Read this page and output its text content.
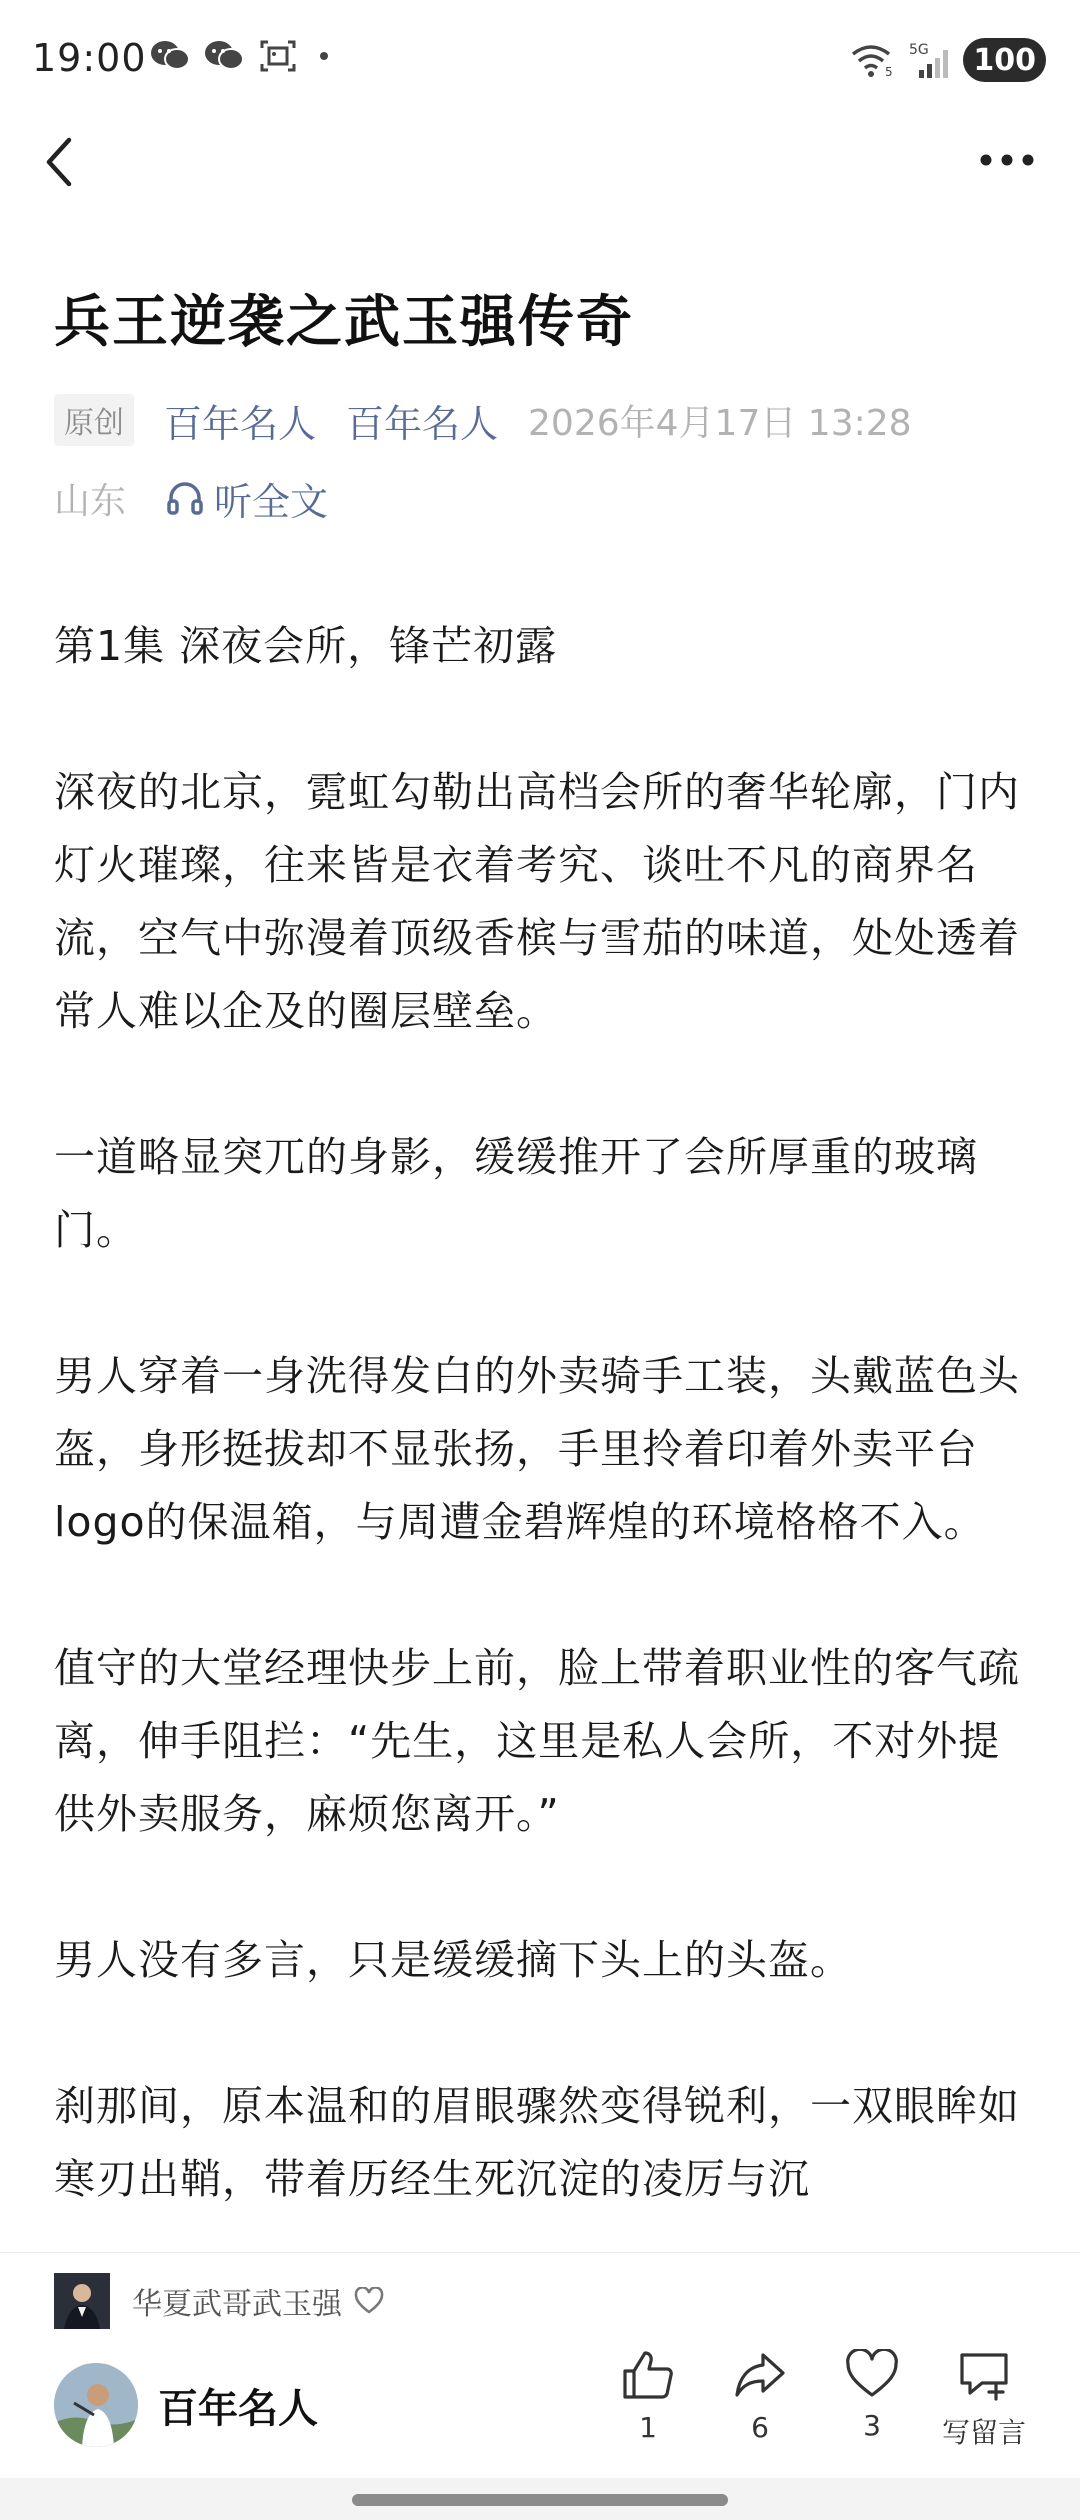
19:00	5
5G	100
兵王逆袭之武玉强传奇
原创 百年名人 百年名人 2026年4月17日 13:28
山东 听全文

第1集 深夜会所，锋芒初露

深夜的北京，霓虹勾勒出高档会所的奢华轮廓，门内灯火璀璨，往来皆是衣着考究、谈吐不凡的商界名流，空气中弥漫着顶级香槟与雪茄的味道，处处透着常人难以企及的圈层壁垒。

一道略显突兀的身影，缓缓推开了会所厚重的玻璃门。

男人穿着一身洗得发白的外卖骑手工装，头戴蓝色头盔，身形挺拔却不显张扬，手里拎着印着外卖平台logo的保温箱，与周遭金碧辉煌的环境格格不入。

值守的大堂经理快步上前，脸上带着职业性的客气疏离，伸手阻拦：“先生，这里是私人会所，不对外提供外卖服务，麻烦您离开。”

男人没有多言，只是缓缓摘下头上的头盔。

刹那间，原本温和的眉眼骤然变得锐利，一双眼眸如寒刃出鞘，带着历经生死沉淀的凌厉与沉

华夏武哥武玉强
百年名人	1	6	3 写留言
